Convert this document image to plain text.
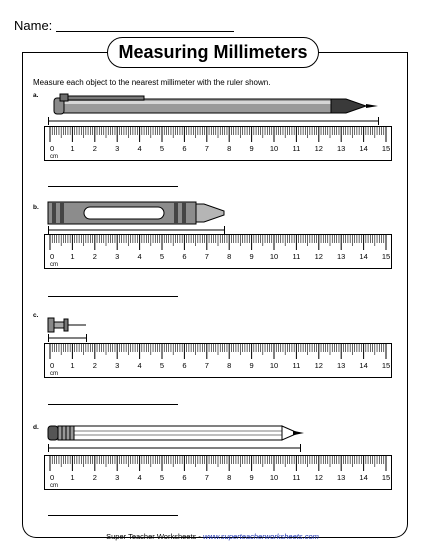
Name:
Measuring Millimeters
Measure each object to the nearest millimeter with the ruler shown.
a.
0 1 2 3 4 5 6 7 8 9 10 11 12 13 14 15
cm
b.
0 1 2 3 4 5 6 7 8 9 10 11 12 13 14 15
cm
c.
0 1 2 3 4 5 6 7 8 9 10 11 12 13 14 15
cm
d.
0 1 2 3 4 5 6 7 8 9 10 11 12 13 14 15
cm
Super Teacher Worksheets - www.superteacherworksheets.com
